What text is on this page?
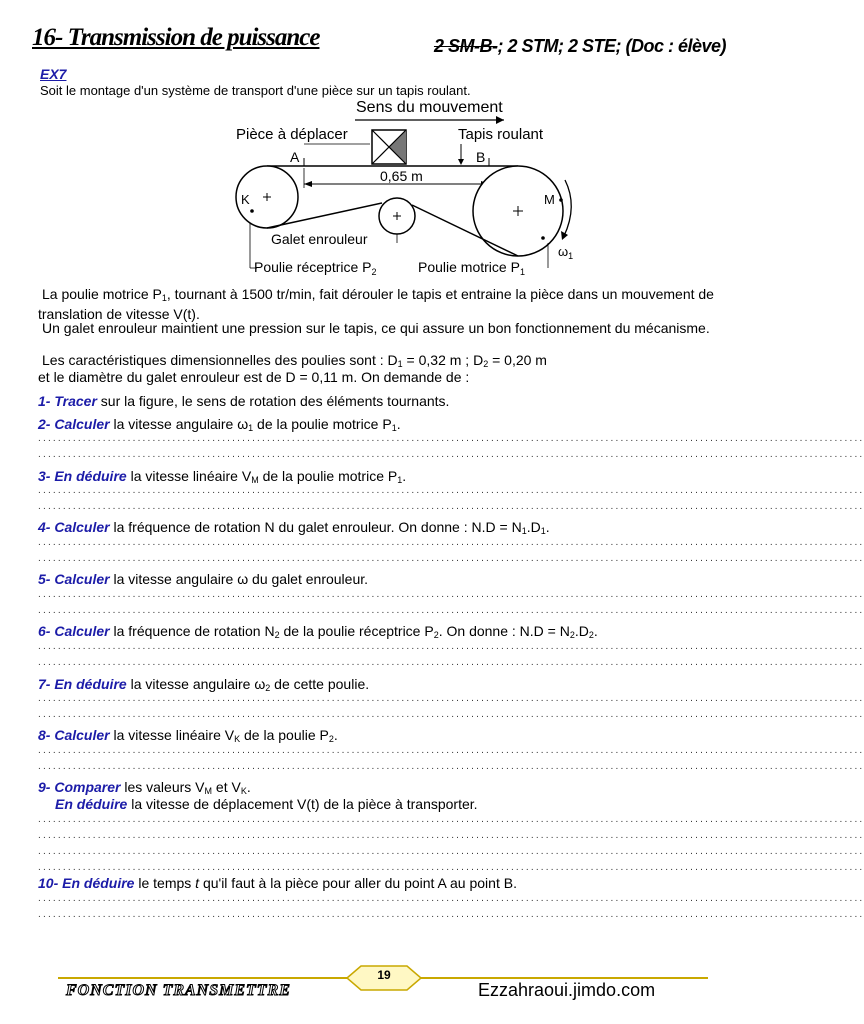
16- Transmission de puissance	2 SM-B-; 2 STM; 2 STE; (Doc : élève)
EX7
Soit le montage d'un système de transport d'une pièce sur un tapis roulant.
Sens du mouvement
Pièce à déplacer	Tapis roulant
A	B
0,65 m
K	M
$\omega_1$
Galet enrouleur
Poulie réceptrice $P_2$	Poulie motrice $P_1$
La poulie motrice $P_1$, tournant à 1500 tr/min, fait dérouler le tapis et entraine la pièce dans un mouvement de translation de vitesse V(t).
Un galet enrouleur maintient une pression sur le tapis, ce qui assure un bon fonctionnement du mécanisme.
Les caractéristiques dimensionnelles des poulies sont : $D_1 = 0,32$ m ; $D_2 = 0,20$ m
et le diamètre du galet enrouleur est de D = 0,11 m. On demande de :
1- Tracer sur la figure, le sens de rotation des éléments tournants.
2- Calculer la vitesse angulaire $\omega_1$ de la poulie motrice $P_1$.
......................................................................................................................................................................
......................................................................................................................................................................
3- En déduire la vitesse linéaire $V_M$ de la poulie motrice $P_1$.
......................................................................................................................................................................
......................................................................................................................................................................
4- Calculer la fréquence de rotation N du galet enrouleur. On donne : $N.D = N_1.D_1$.
......................................................................................................................................................................
......................................................................................................................................................................
5- Calculer la vitesse angulaire ω du galet enrouleur.
......................................................................................................................................................................
......................................................................................................................................................................
6- Calculer la fréquence de rotation $N_2$ de la poulie réceptrice $P_2$. On donne : $N.D = N_2.D_2$.
......................................................................................................................................................................
......................................................................................................................................................................
7- En déduire la vitesse angulaire $\omega_2$ de cette poulie.
......................................................................................................................................................................
......................................................................................................................................................................
8- Calculer la vitesse linéaire $V_K$ de la poulie $P_2$.
......................................................................................................................................................................
......................................................................................................................................................................
9- Comparer les valeurs $V_M$ et $V_K$.
En déduire la vitesse de déplacement V(t) de la pièce à transporter.
......................................................................................................................................................................
......................................................................................................................................................................
......................................................................................................................................................................
......................................................................................................................................................................
10- En déduire le temps t qu'il faut à la pièce pour aller du point A au point B.
......................................................................................................................................................................
......................................................................................................................................................................
19
FONCTION TRANSMETTRE	Ezzahraoui.jimdo.com
